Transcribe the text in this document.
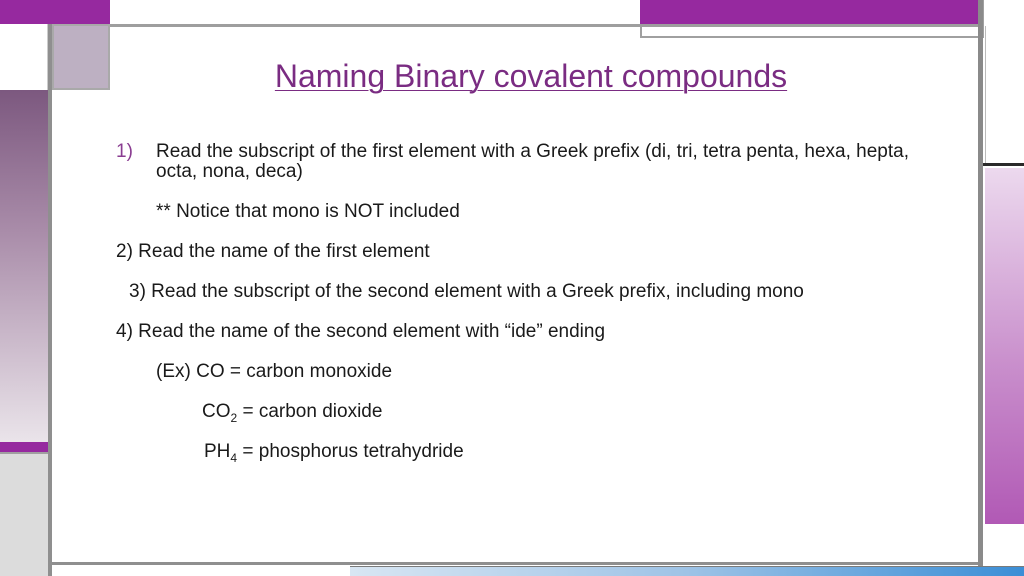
Naming Binary covalent compounds
1) Read the subscript of the first element with a Greek prefix (di, tri, tetra penta, hexa, hepta, octa, nona, deca)
** Notice that mono is NOT included
2) Read the name of the first element
3) Read the subscript of the second element with a Greek prefix, including mono
4) Read the name of the second element with “ide” ending
(Ex) CO = carbon monoxide
$CO_2$ = carbon dioxide
$PH_4$ = phosphorus tetrahydride
